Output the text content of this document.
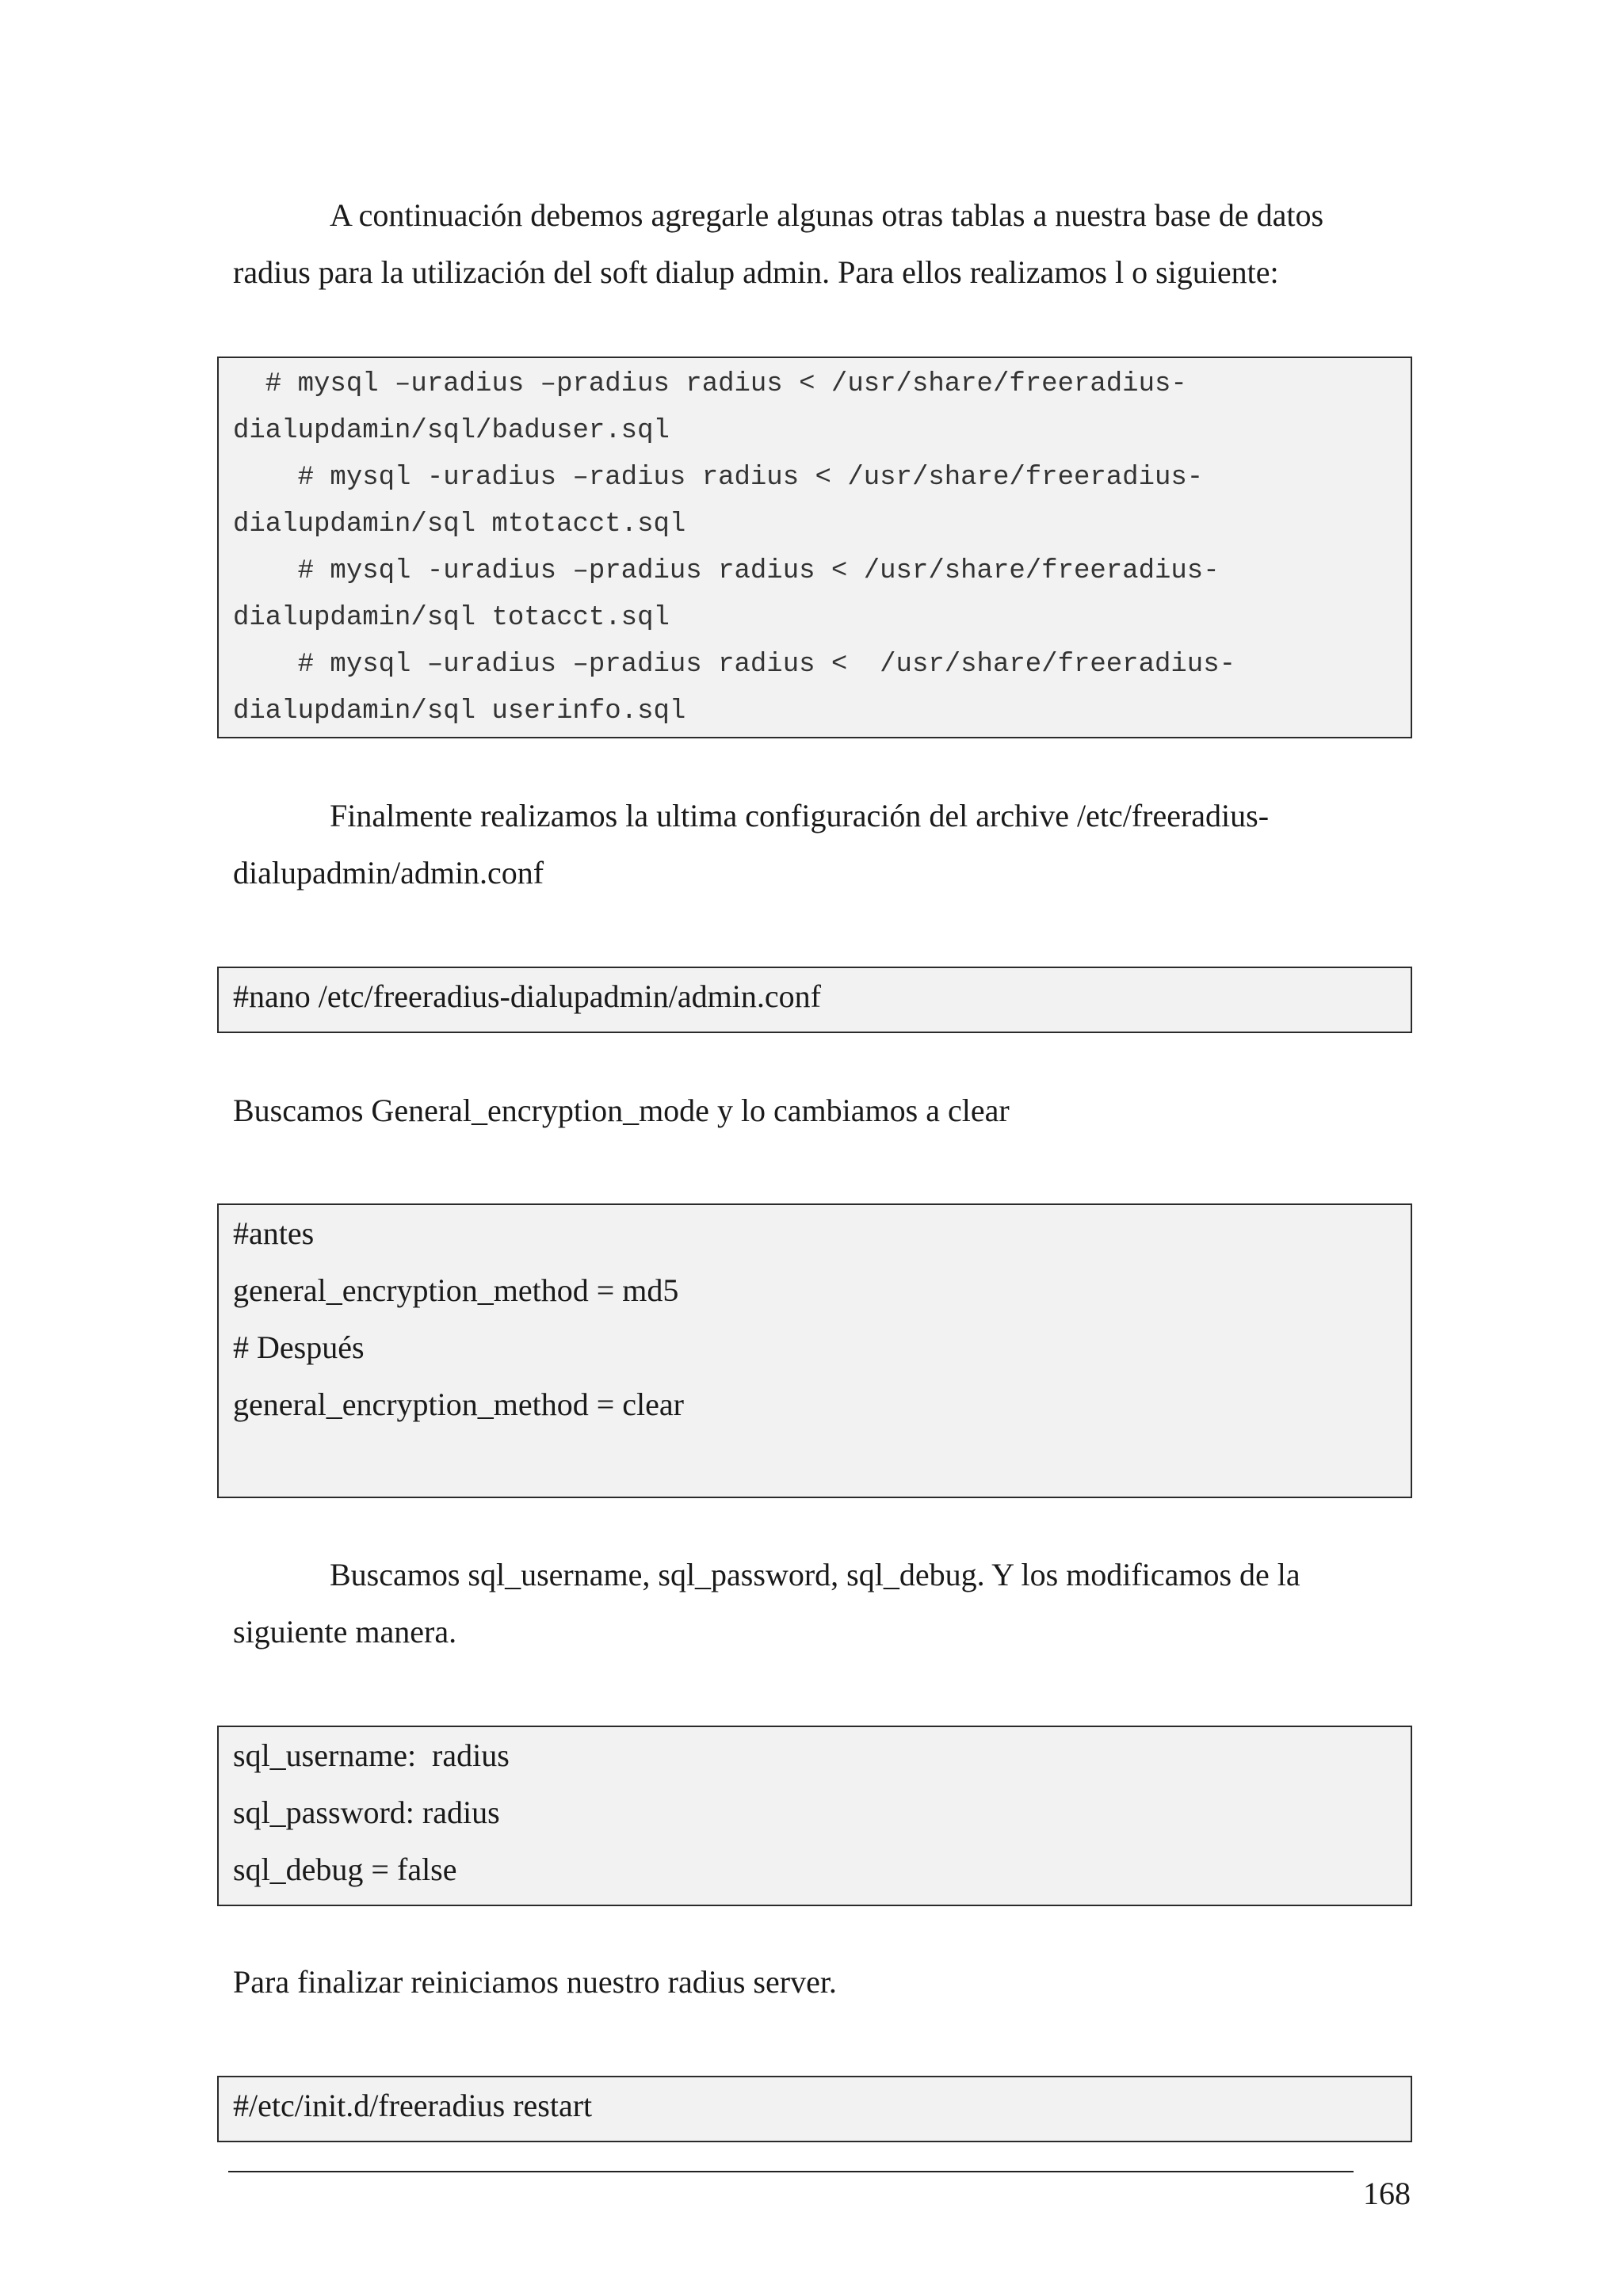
A continuación debemos agregarle algunas otras tablas a nuestra base de datos
radius para la utilización del soft dialup admin. Para ellos realizamos l o siguiente:

# mysql –uradius –pradius radius < /usr/share/freeradius-
dialupdamin/sql/baduser.sql
# mysql -uradius –radius radius < /usr/share/freeradius-
dialupdamin/sql mtotacct.sql
# mysql -uradius –pradius radius < /usr/share/freeradius-
dialupdamin/sql totacct.sql
# mysql –uradius –pradius radius <  /usr/share/freeradius-
dialupdamin/sql userinfo.sql

Finalmente realizamos la ultima configuración del archive /etc/freeradius-
dialupadmin/admin.conf

#nano /etc/freeradius-dialupadmin/admin.conf

Buscamos General_encryption_mode y lo cambiamos a clear

#antes
general_encryption_method = md5
# Después
general_encryption_method = clear

Buscamos sql_username, sql_password, sql_debug. Y los modificamos de la
siguiente manera.

sql_username:  radius
sql_password: radius
sql_debug = false

Para finalizar reiniciamos nuestro radius server.

#/etc/init.d/freeradius restart
168
